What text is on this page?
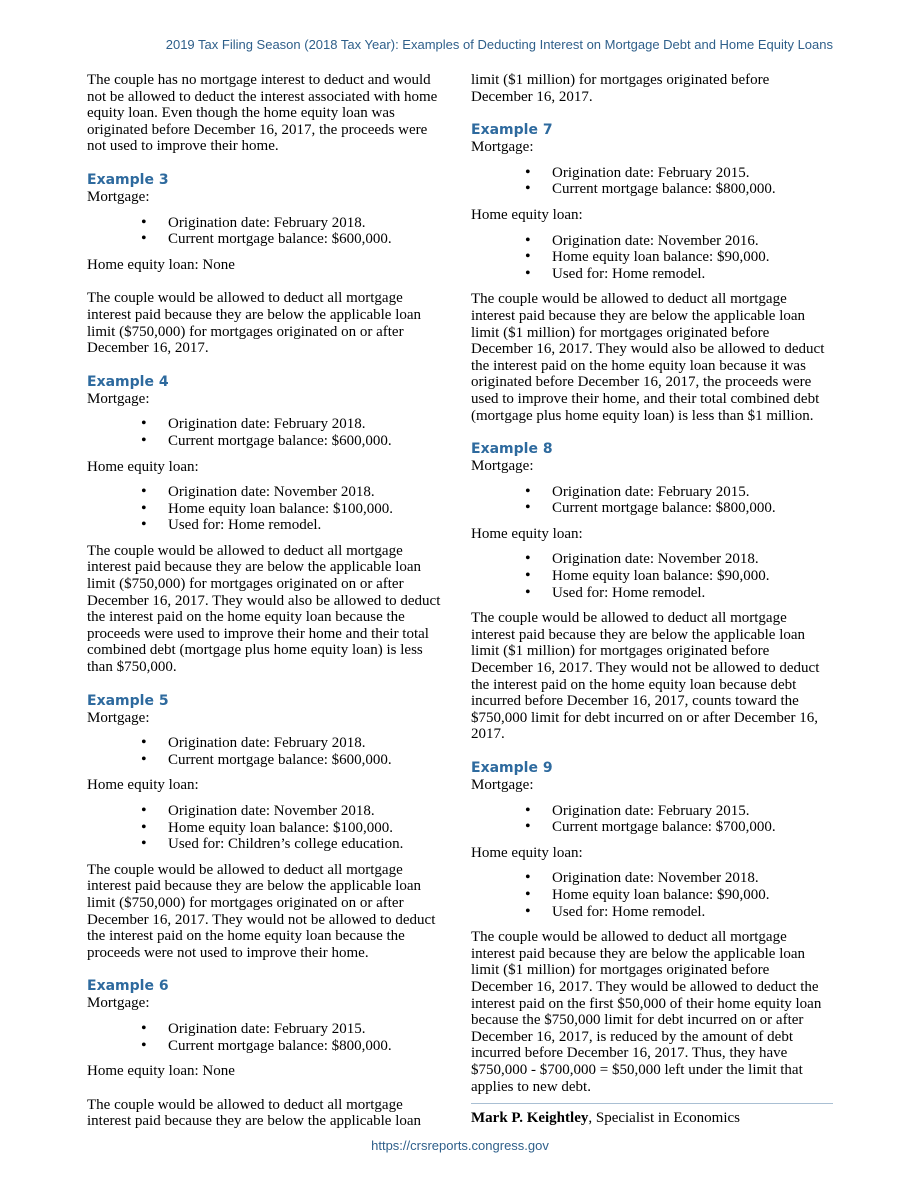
2019 Tax Filing Season (2018 Tax Year): Examples of Deducting Interest on Mortgage Debt and Home Equity Loans

The couple has no mortgage interest to deduct and would not be allowed to deduct the interest associated with home equity loan. Even though the home equity loan was originated before December 16, 2017, the proceeds were not used to improve their home.

Example 3
Mortgage:
• Origination date: February 2018.
• Current mortgage balance: $600,000.

Home equity loan: None

The couple would be allowed to deduct all mortgage interest paid because they are below the applicable loan limit ($750,000) for mortgages originated on or after December 16, 2017.

Example 4
Mortgage:
• Origination date: February 2018.
• Current mortgage balance: $600,000.
Home equity loan:
• Origination date: November 2018.
• Home equity loan balance: $100,000.
• Used for: Home remodel.

The couple would be allowed to deduct all mortgage interest paid because they are below the applicable loan limit ($750,000) for mortgages originated on or after December 16, 2017. They would also be allowed to deduct the interest paid on the home equity loan because the proceeds were used to improve their home and their total combined debt (mortgage plus home equity loan) is less than $750,000.

Example 5
Mortgage:
• Origination date: February 2018.
• Current mortgage balance: $600,000.
Home equity loan:
• Origination date: November 2018.
• Home equity loan balance: $100,000.
• Used for: Children’s college education.

The couple would be allowed to deduct all mortgage interest paid because they are below the applicable loan limit ($750,000) for mortgages originated on or after December 16, 2017. They would not be allowed to deduct the interest paid on the home equity loan because the proceeds were not used to improve their home.

Example 6
Mortgage:
• Origination date: February 2015.
• Current mortgage balance: $800,000.

Home equity loan: None

The couple would be allowed to deduct all mortgage interest paid because they are below the applicable loan

limit ($1 million) for mortgages originated before December 16, 2017.

Example 7
Mortgage:
• Origination date: February 2015.
• Current mortgage balance: $800,000.
Home equity loan:
• Origination date: November 2016.
• Home equity loan balance: $90,000.
• Used for: Home remodel.

The couple would be allowed to deduct all mortgage interest paid because they are below the applicable loan limit ($1 million) for mortgages originated before December 16, 2017. They would also be allowed to deduct the interest paid on the home equity loan because it was originated before December 16, 2017, the proceeds were used to improve their home, and their total combined debt (mortgage plus home equity loan) is less than $1 million.

Example 8
Mortgage:
• Origination date: February 2015.
• Current mortgage balance: $800,000.
Home equity loan:
• Origination date: November 2018.
• Home equity loan balance: $90,000.
• Used for: Home remodel.

The couple would be allowed to deduct all mortgage interest paid because they are below the applicable loan limit ($1 million) for mortgages originated before December 16, 2017. They would not be allowed to deduct the interest paid on the home equity loan because debt incurred before December 16, 2017, counts toward the $750,000 limit for debt incurred on or after December 16, 2017.

Example 9
Mortgage:
• Origination date: February 2015.
• Current mortgage balance: $700,000.
Home equity loan:
• Origination date: November 2018.
• Home equity loan balance: $90,000.
• Used for: Home remodel.

The couple would be allowed to deduct all mortgage interest paid because they are below the applicable loan limit ($1 million) for mortgages originated before December 16, 2017. They would be allowed to deduct the interest paid on the first $50,000 of their home equity loan because the $750,000 limit for debt incurred on or after December 16, 2017, is reduced by the amount of debt incurred before December 16, 2017. Thus, they have $750,000 - $700,000 = $50,000 left under the limit that applies to new debt.

Mark P. Keightley, Specialist in Economics
https://crsreports.congress.gov
